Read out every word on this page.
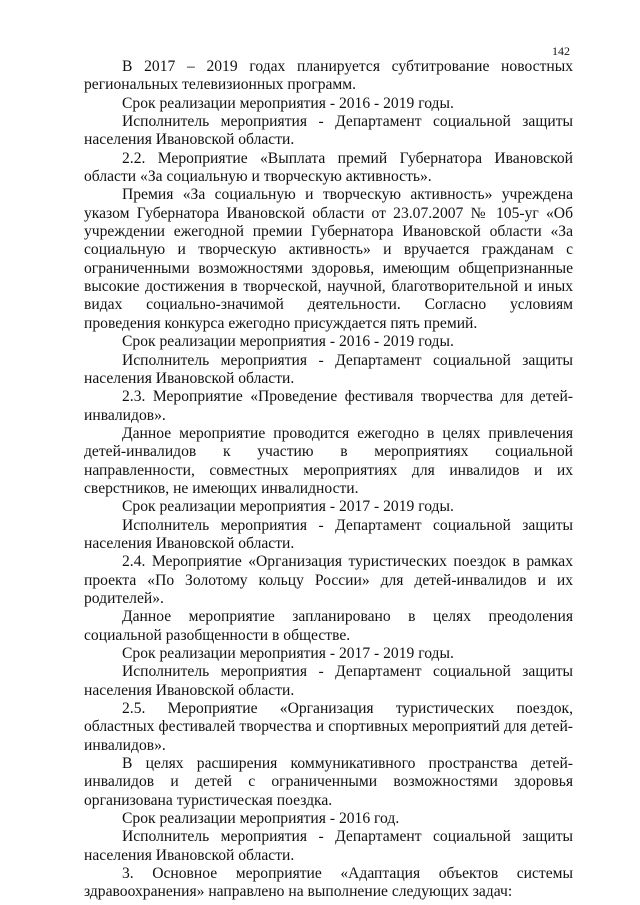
142

В 2017 – 2019 годах планируется субтитрование новостных региональных телевизионных программ.

Срок реализации мероприятия - 2016 - 2019 годы.

Исполнитель мероприятия - Департамент социальной защиты населения Ивановской области.

2.2. Мероприятие «Выплата премий Губернатора Ивановской области «За социальную и творческую активность».

Премия «За социальную и творческую активность» учреждена указом Губернатора Ивановской области от 23.07.2007 № 105-уг «Об учреждении ежегодной премии Губернатора Ивановской области «За социальную и творческую активность» и вручается гражданам с ограниченными возможностями здоровья, имеющим общепризнанные высокие достижения в творческой, научной, благотворительной и иных видах социально-значимой деятельности. Согласно условиям проведения конкурса ежегодно присуждается пять премий.

Срок реализации мероприятия - 2016 - 2019 годы.

Исполнитель мероприятия - Департамент социальной защиты населения Ивановской области.

2.3. Мероприятие «Проведение фестиваля творчества для детей-инвалидов».

Данное мероприятие проводится ежегодно в целях привлечения детей-инвалидов к участию в мероприятиях социальной направленности, совместных мероприятиях для инвалидов и их сверстников, не имеющих инвалидности.

Срок реализации мероприятия - 2017 - 2019 годы.

Исполнитель мероприятия - Департамент социальной защиты населения Ивановской области.

2.4. Мероприятие «Организация туристических поездок в рамках проекта «По Золотому кольцу России» для детей-инвалидов и их родителей».

Данное мероприятие запланировано в целях преодоления социальной разобщенности в обществе.

Срок реализации мероприятия - 2017 - 2019 годы.

Исполнитель мероприятия - Департамент социальной защиты населения Ивановской области.

2.5. Мероприятие «Организация туристических поездок, областных фестивалей творчества и спортивных мероприятий для детей-инвалидов».

В целях расширения коммуникативного пространства детей-инвалидов и детей с ограниченными возможностями здоровья организована туристическая поездка.

Срок реализации мероприятия - 2016 год.

Исполнитель мероприятия - Департамент социальной защиты населения Ивановской области.

3. Основное мероприятие «Адаптация объектов системы здравоохранения» направлено на выполнение следующих задач:
